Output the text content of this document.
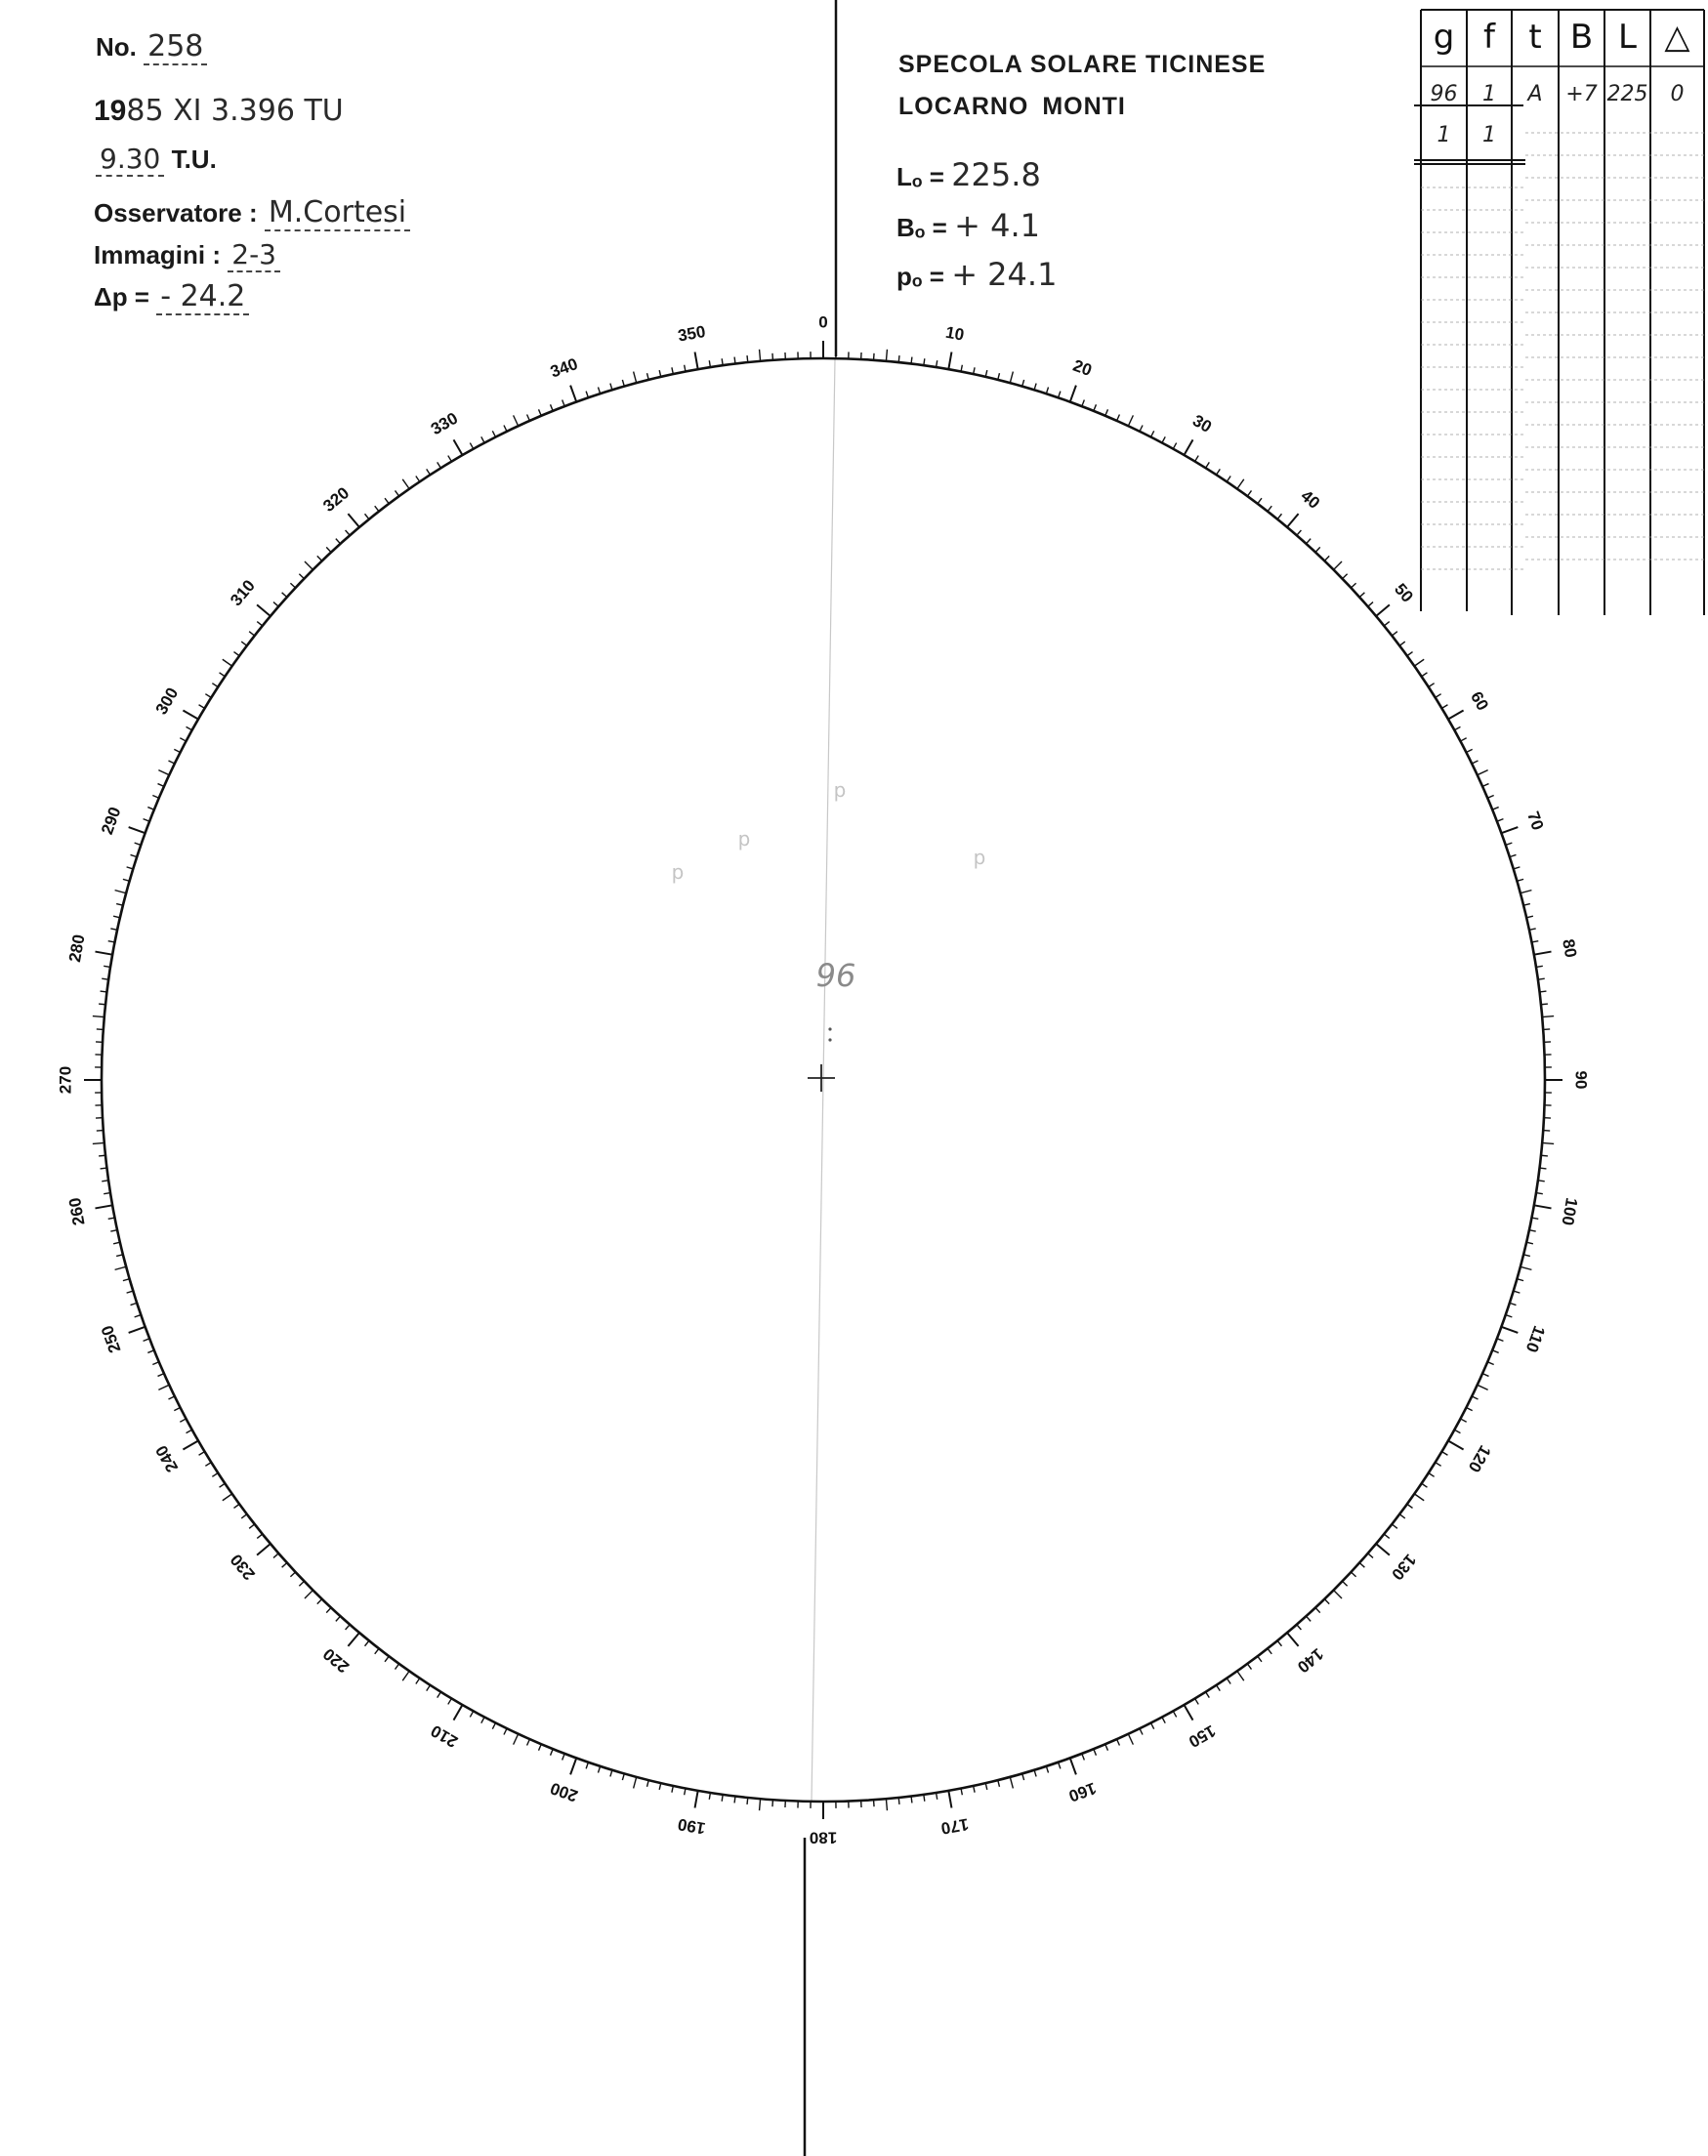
No. 258
1985 XI 3.396 TU
9.30 T.U.
Osservatore : M.Cortesi
Immagini : 2-3
Δp = - 24.2
SPECOLA SOLARE TICINESE
LOCARNO MONTI
Lₒ = 225.8
Bₒ = + 4.1
pₒ = + 24.1
0
10
20
30
40
50
60
70
80
90
100
110
120
130
140
150
160
170
180
190
200
210
220
230
240
250
260
270
280
290
300
310
320
330
340
350
96
p
p
p
p
g f	t B L △
96	1	A	+7 225	0
1	1
